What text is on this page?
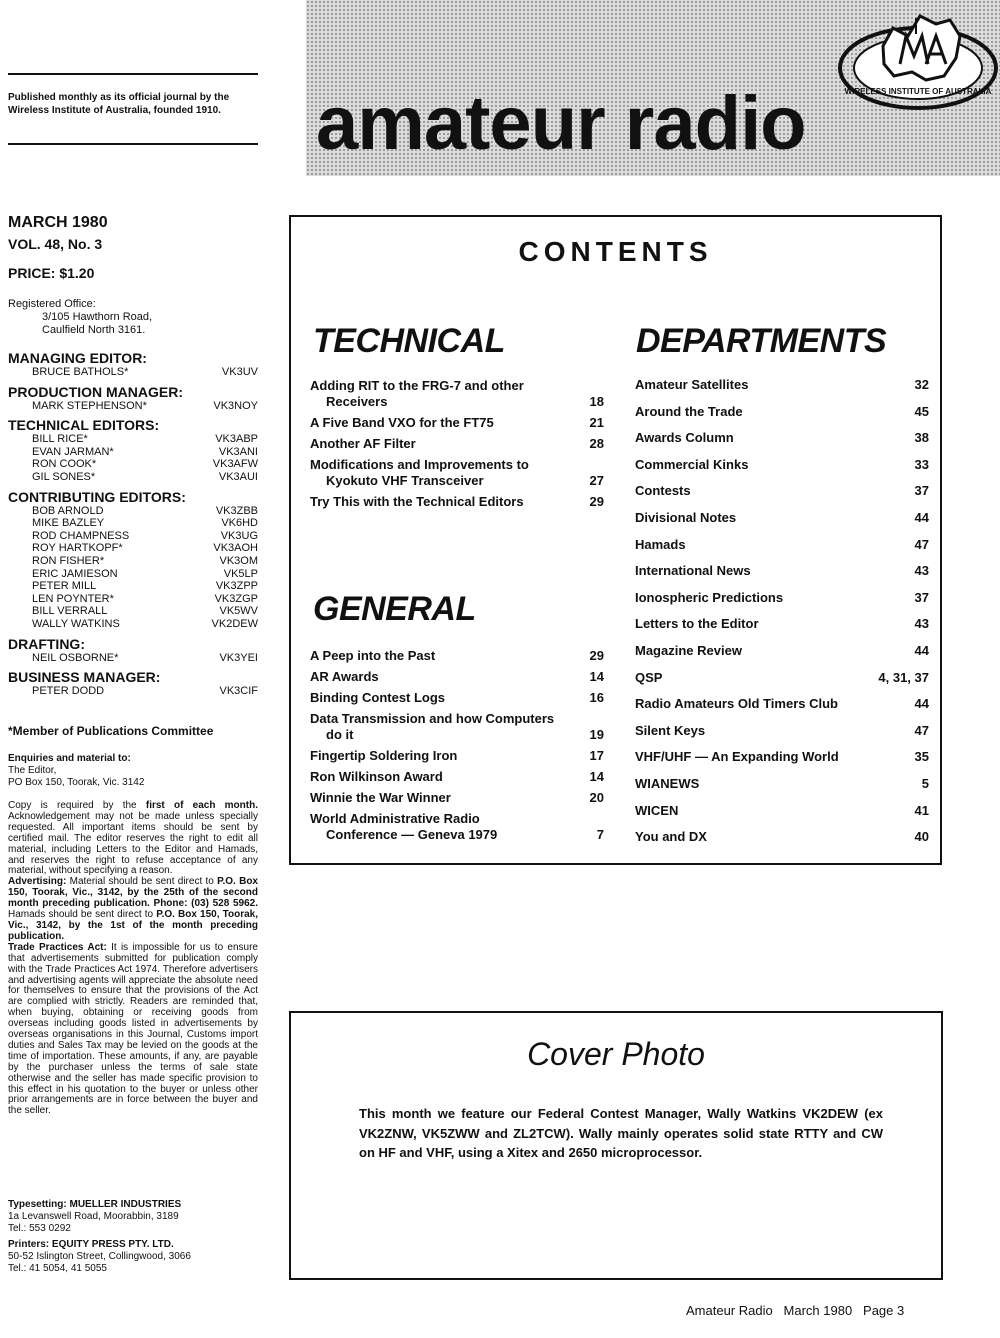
Published monthly as its official journal by the Wireless Institute of Australia, founded 1910.	amateur radio	WIRELESS INSTITUTE OF AUSTRALIA
MARCH 1980
VOL. 48, No. 3
PRICE: $1.20
Registered Office:
3/105 Hawthorn Road,
Caulfield North 3161.
MANAGING EDITOR:
BRUCE BATHOLS*	VK3UV
PRODUCTION MANAGER:
MARK STEPHENSON*	VK3NOY
TECHNICAL EDITORS:
BILL RICE*	VK3ABP
EVAN JARMAN*	VK3ANI
RON COOK*	VK3AFW
GIL SONES*	VK3AUI
CONTRIBUTING EDITORS:
BOB ARNOLD	VK3ZBB
MIKE BAZLEY	VK6HD
ROD CHAMPNESS	VK3UG
ROY HARTKOPF*	VK3AOH
RON FISHER*	VK3OM
ERIC JAMIESON	VK5LP
PETER MILL	VK3ZPP
LEN POYNTER*	VK3ZGP
BILL VERRALL	VK5WV
WALLY WATKINS	VK2DEW
DRAFTING:
NEIL OSBORNE*	VK3YEI
BUSINESS MANAGER:
PETER DODD	VK3CIF
*Member of Publications Committee
Enquiries and material to:
The Editor,
PO Box 150, Toorak, Vic. 3142

Copy is required by the first of each month. Acknowledgement may not be made unless specially requested. All important items should be sent by certified mail. The editor reserves the right to edit all material, including Letters to the Editor and Hamads, and reserves the right to refuse acceptance of any material, without specifying a reason.

Advertising: Material should be sent direct to P.O. Box 150, Toorak, Vic., 3142, by the 25th of the second month preceding publication. Phone: (03) 528 5962. Hamads should be sent direct to P.O. Box 150, Toorak, Vic., 3142, by the 1st of the month preceding publication.

Trade Practices Act: It is impossible for us to ensure that advertisements submitted for publication comply with the Trade Practices Act 1974. Therefore advertisers and advertising agents will appreciate the absolute need for themselves to ensure that the provisions of the Act are complied with strictly. Readers are reminded that, when buying, obtaining or receiving goods from overseas including goods listed in advertisements by overseas organisations in this Journal, Customs import duties and Sales Tax may be levied on the goods at the time of importation. These amounts, if any, are payable by the purchaser unless the terms of sale state otherwise and the seller has made specific provision to this effect in his quotation to the buyer or unless other prior arrangements are in force between the buyer and the seller.

Typesetting: MUELLER INDUSTRIES
1a Levanswell Road, Moorabbin, 3189
Tel.: 553 0292
Printers: EQUITY PRESS PTY. LTD.
50-52 Islington Street, Collingwood, 3066
Tel.: 41 5054, 41 5055
CONTENTS
TECHNICAL
Adding RIT to the FRG-7 and other
Receivers	18
A Five Band VXO for the FT75	21
Another AF Filter	28
Modifications and Improvements to
Kyokuto VHF Transceiver	27
Try This with the Technical Editors	29
GENERAL
A Peep into the Past	29
AR Awards	14
Binding Contest Logs	16
Data Transmission and how Computers
do it	19
Fingertip Soldering Iron	17
Ron Wilkinson Award	14
Winnie the War Winner	20
World Administrative Radio
Conference — Geneva 1979	7
DEPARTMENTS
Amateur Satellites	32
Around the Trade	45
Awards Column	38
Commercial Kinks	33
Contests	37
Divisional Notes	44
Hamads	47
International News	43
Ionospheric Predictions	37
Letters to the Editor	43
Magazine Review	44
QSP	4, 31, 37
Radio Amateurs Old Timers Club	44
Silent Keys	47
VHF/UHF — An Expanding World	35
WIANEWS	5
WICEN	41
You and DX	40
Cover Photo
This month we feature our Federal Contest Manager, Wally Watkins VK2DEW (ex VK2ZNW, VK5ZWW and ZL2TCW). Wally mainly operates solid state RTTY and CW on HF and VHF, using a Xitex and 2650 microprocessor.
Amateur Radio   March 1980   Page 3
